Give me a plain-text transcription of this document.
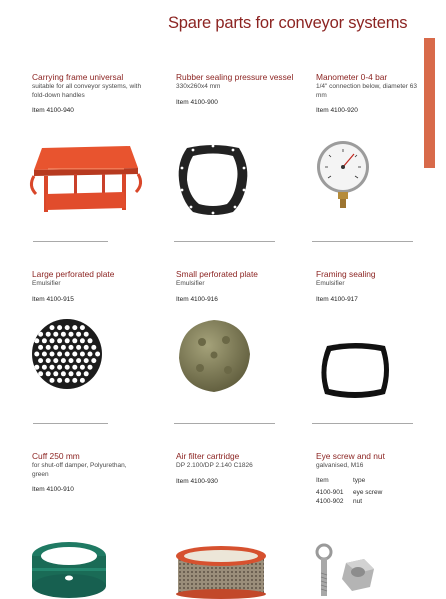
Spare parts for conveyor systems
Spare parts and wear parts
Carrying frame universal
suitable for all conveyor systems, with fold-down handles
Item 4100-940
Rubber sealing pressure vessel
330x260x4 mm
Item 4100-900
Manometer 0-4 bar
1/4" connection below, diameter 63 mm
Item 4100-920
Large perforated plate
Emulsifier
Item 4100-915
Small perforated plate
Emulsifier
Item 4100-916
Framing sealing
Emulsifier
Item 4100-917
Cuff 250 mm
for shut-off damper, Polyurethan, green
Item 4100-910
Air filter cartridge
DP 2.100/DP 2.140 C1826
Item 4100-930
Eye screw and nut
galvanised, M16
Item	type
4100-901	eye screw
4100-902	nut
